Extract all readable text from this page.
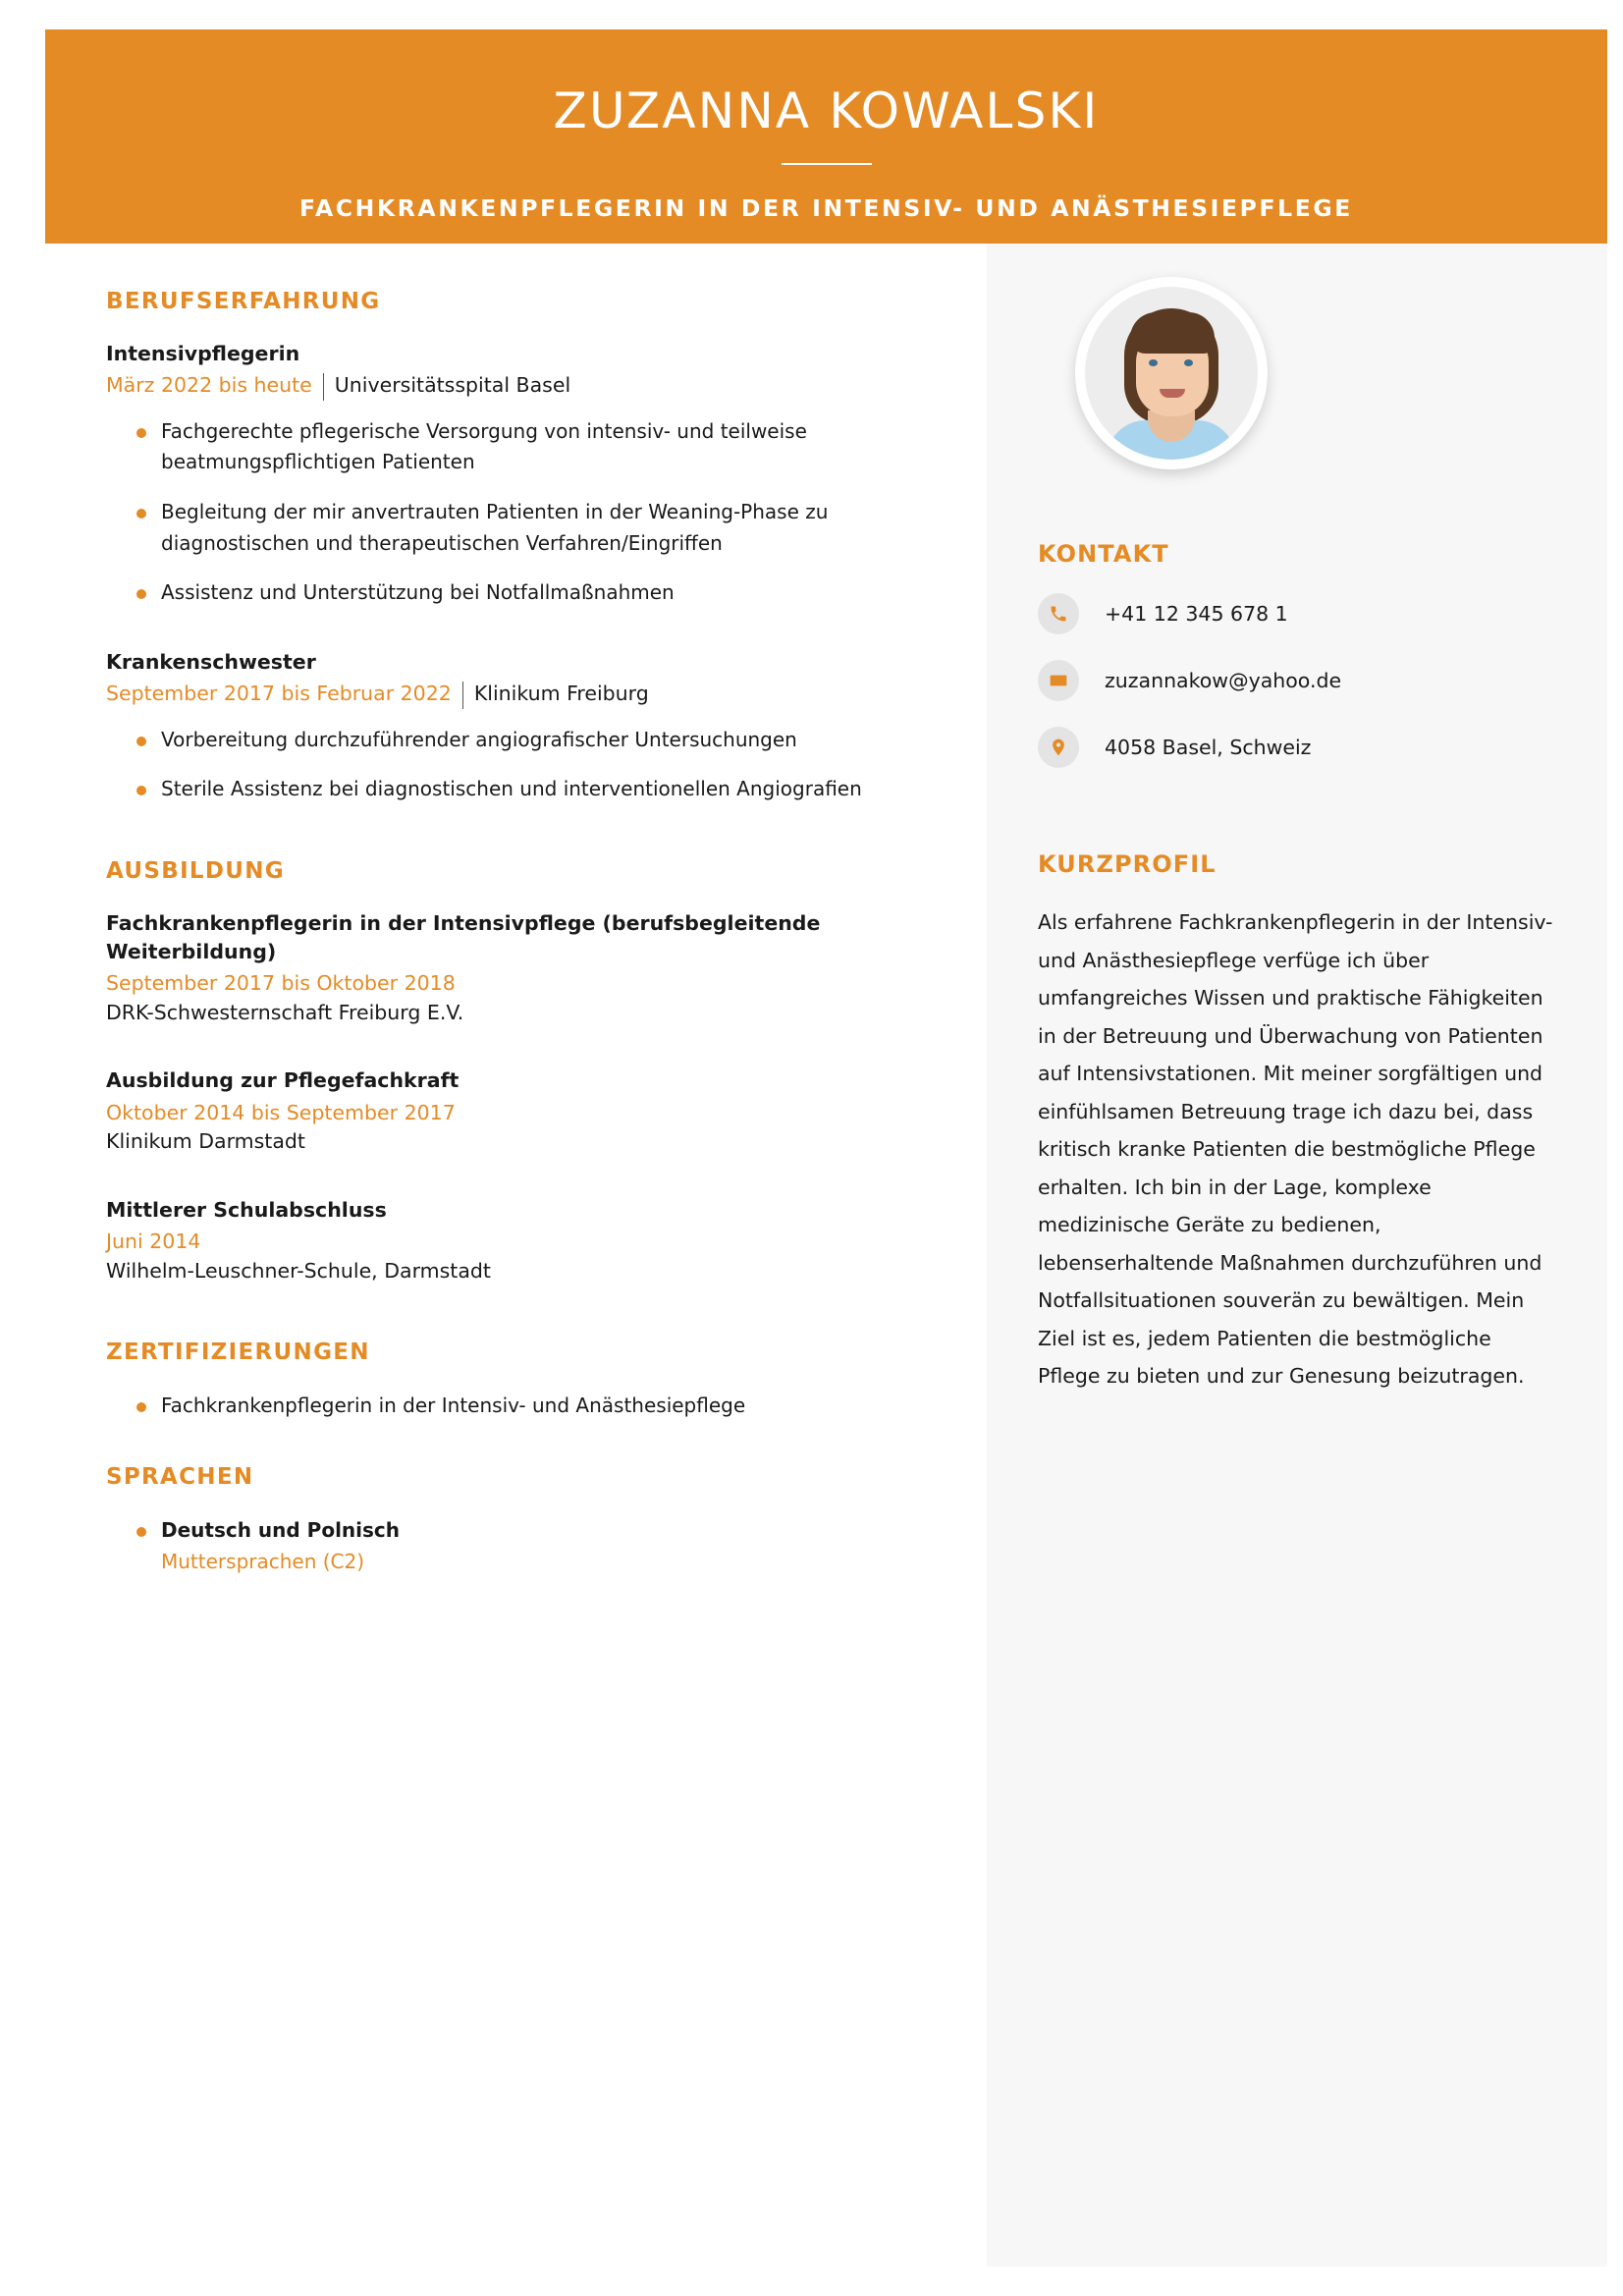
ZUZANNA KOWALSKI
FACHKRANKENPFLEGERIN IN DER INTENSIV- UND ANÄSTHESIEPFLEGE
BERUFSERFAHRUNG
Intensivpflegerin
März 2022 bis heute Universitätsspital Basel
Fachgerechte pflegerische Versorgung von intensiv- und teilweise beatmungspflichtigen Patienten
Begleitung der mir anvertrauten Patienten in der Weaning-Phase zu diagnostischen und therapeutischen Verfahren/Eingriffen
Assistenz und Unterstützung bei Notfallmaßnahmen
Krankenschwester
September 2017 bis Februar 2022 Klinikum Freiburg
Vorbereitung durchzuführender angiografischer Untersuchungen
Sterile Assistenz bei diagnostischen und interventionellen Angiografien
AUSBILDUNG
Fachkrankenpflegerin in der Intensivpflege (berufsbegleitende Weiterbildung)
September 2017 bis Oktober 2018
DRK-Schwesternschaft Freiburg E.V.
Ausbildung zur Pflegefachkraft
Oktober 2014 bis September 2017
Klinikum Darmstadt
Mittlerer Schulabschluss
Juni 2014
Wilhelm-Leuschner-Schule, Darmstadt
ZERTIFIZIERUNGEN
Fachkrankenpflegerin in der Intensiv- und Anästhesiepflege
SPRACHEN
Deutsch und Polnisch
Muttersprachen (C2)
KONTAKT
+41 12 345 678 1
zuzannakow@yahoo.de
4058 Basel, Schweiz
KURZPROFIL
Als erfahrene Fachkrankenpflegerin in der Intensiv- und Anästhesiepflege verfüge ich über umfangreiches Wissen und praktische Fähigkeiten in der Betreuung und Überwachung von Patienten auf Intensivstationen. Mit meiner sorgfältigen und einfühlsamen Betreuung trage ich dazu bei, dass kritisch kranke Patienten die bestmögliche Pflege erhalten. Ich bin in der Lage, komplexe medizinische Geräte zu bedienen, lebenserhaltende Maßnahmen durchzuführen und Notfallsituationen souverän zu bewältigen. Mein Ziel ist es, jedem Patienten die bestmögliche Pflege zu bieten und zur Genesung beizutragen.
